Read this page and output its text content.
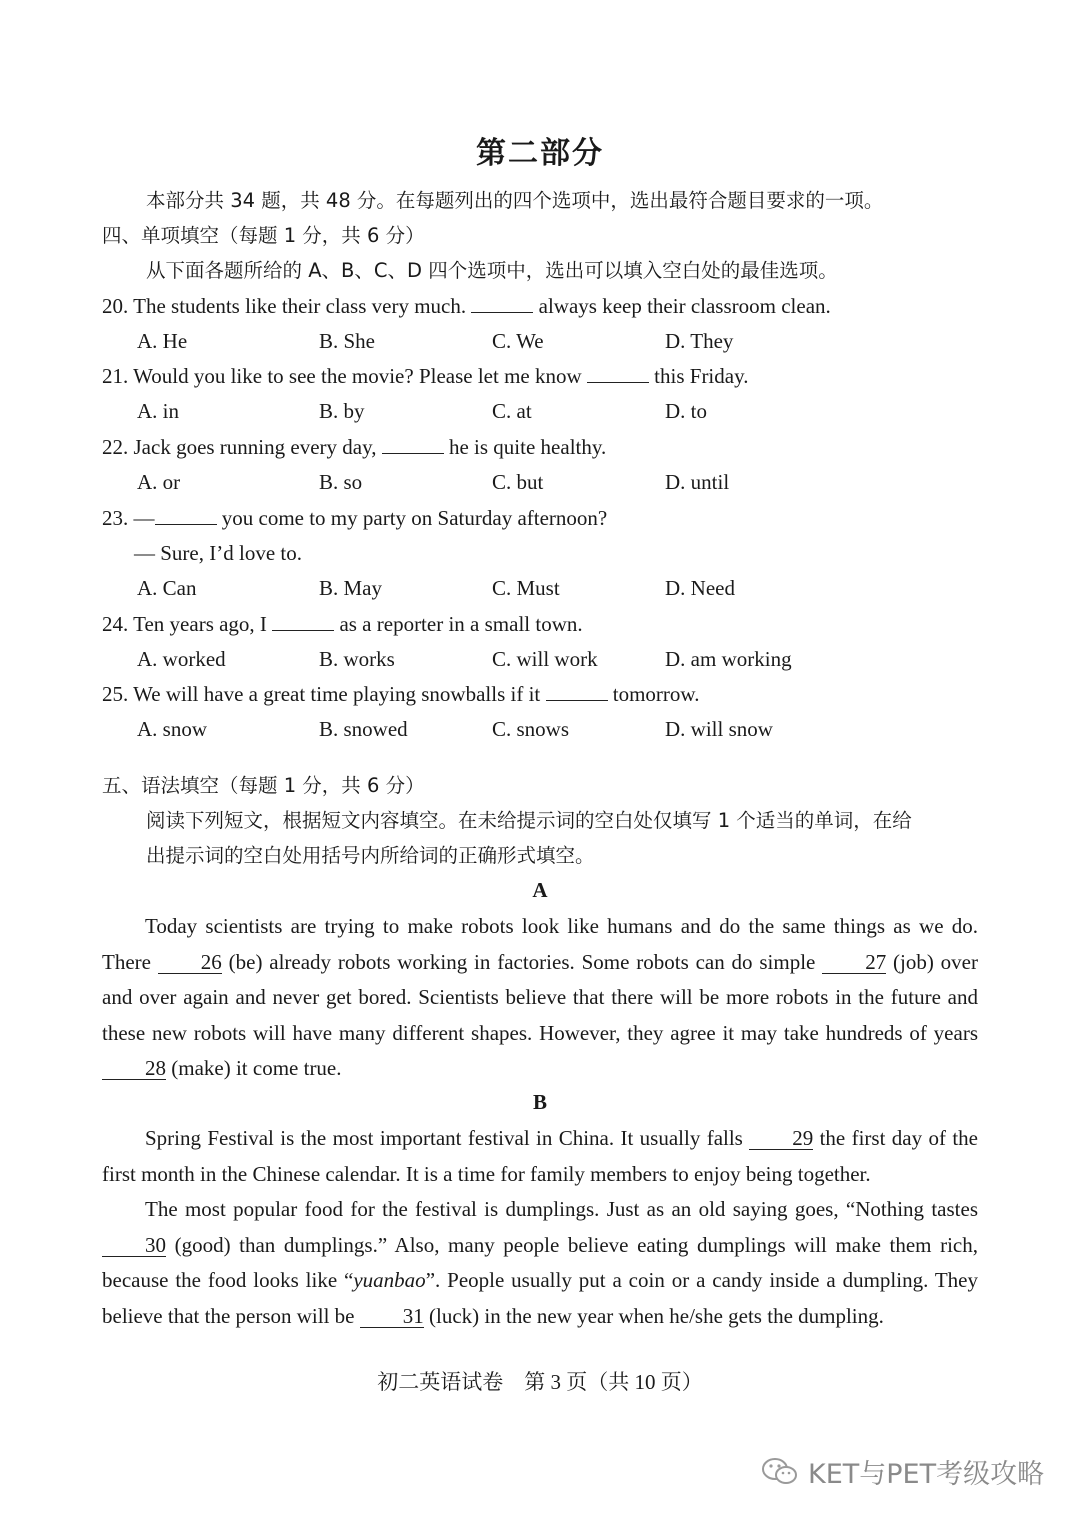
第二部分
本部分共 34 题，共 48 分。在每题列出的四个选项中，选出最符合题目要求的一项。
四、单项填空（每题 1 分，共 6 分）
从下面各题所给的 A、B、C、D 四个选项中，选出可以填入空白处的最佳选项。
20. The students like their class very much.	always keep their classroom clean.
A. He	B. She	C. We	D. They
21. Would you like to see the movie? Please let me know	this Friday.
A. in	B. by	C. at	D. to
22. Jack goes running every day,	he is quite healthy.
A. or	B. so	C. but	D. until
23. —	you come to my party on Saturday afternoon?
— Sure, I’d love to.
A. Can	B. May	C. Must	D. Need
24. Ten years ago, I	as a reporter in a small town.
A. worked	B. works	C. will work	D. am working
25. We will have a great time playing snowballs if it	tomorrow.
A. snow	B. snowed	C. snows	D. will snow
五、语法填空（每题 1 分，共 6 分）
阅读下列短文，根据短文内容填空。在未给提示词的空白处仅填写 1 个适当的单词，在给
出提示词的空白处用括号内所给词的正确形式填空。
A

Today scientists are trying to make robots look like humans and do the same things as we do. There 26 (be) already robots working in factories. Some robots can do simple 27 (job) over and over again and never get bored. Scientists believe that there will be more robots in the future and these new robots will have many different shapes. However, they agree it may take hundreds of years 28 (make) it come true.

B

Spring Festival is the most important festival in China. It usually falls 29 the first day of the first month in the Chinese calendar. It is a time for family members to enjoy being together.

The most popular food for the festival is dumplings. Just as an old saying goes, “Nothing tastes 30 (good) than dumplings.” Also, many people believe eating dumplings will make them rich, because the food looks like “yuanbao”. People usually put a coin or a candy inside a dumpling. They believe that the person will be 31 (luck) in the new year when he/she gets the dumpling.

初二英语试卷　第 3 页（共 10 页）
KET与PET考级攻略
